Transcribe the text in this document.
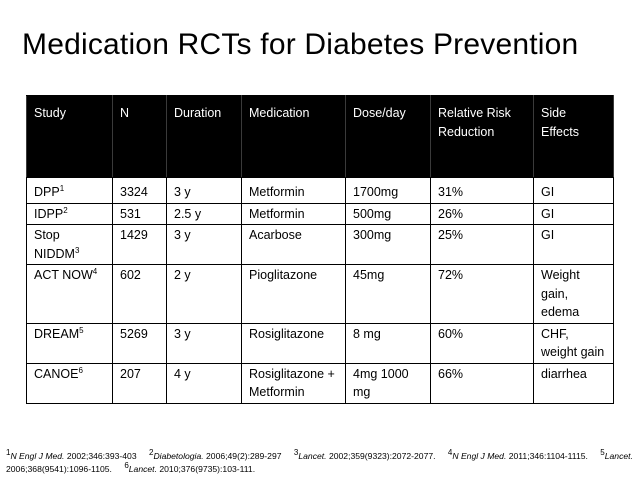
Medication RCTs for Diabetes Prevention
Study	N	Duration	Medication	Dose/day	Relative Risk Reduction	Side Effects
DPP$^1$	3324	3 y	Metformin	1700mg	31%	GI
IDPP$^2$	531	2.5 y	Metformin	500mg	26%	GI
Stop NIDDM$^3$	1429	3 y	Acarbose	300mg	25%	GI
ACT NOW$^4$	602	2 y	Pioglitazone	45mg	72%	Weight gain, edema
DREAM$^5$	5269	3 y	Rosiglitazone	8 mg	60%	CHF, weight gain
CANOE$^6$	207	4 y	Rosiglitazone + Metformin	4mg 1000 mg	66%	diarrhea

$^1$N Engl J Med. 2002;346:393-403 $^2$Diabetologia. 2006;49(2):289-297 $^3$Lancet. 2002;359(9323):2072-2077. $^4$N Engl J Med. 2011;346:1104-1115. $^5$Lancet. 2006;368(9541):1096-1105. $^6$Lancet. 2010;376(9735):103-111.
